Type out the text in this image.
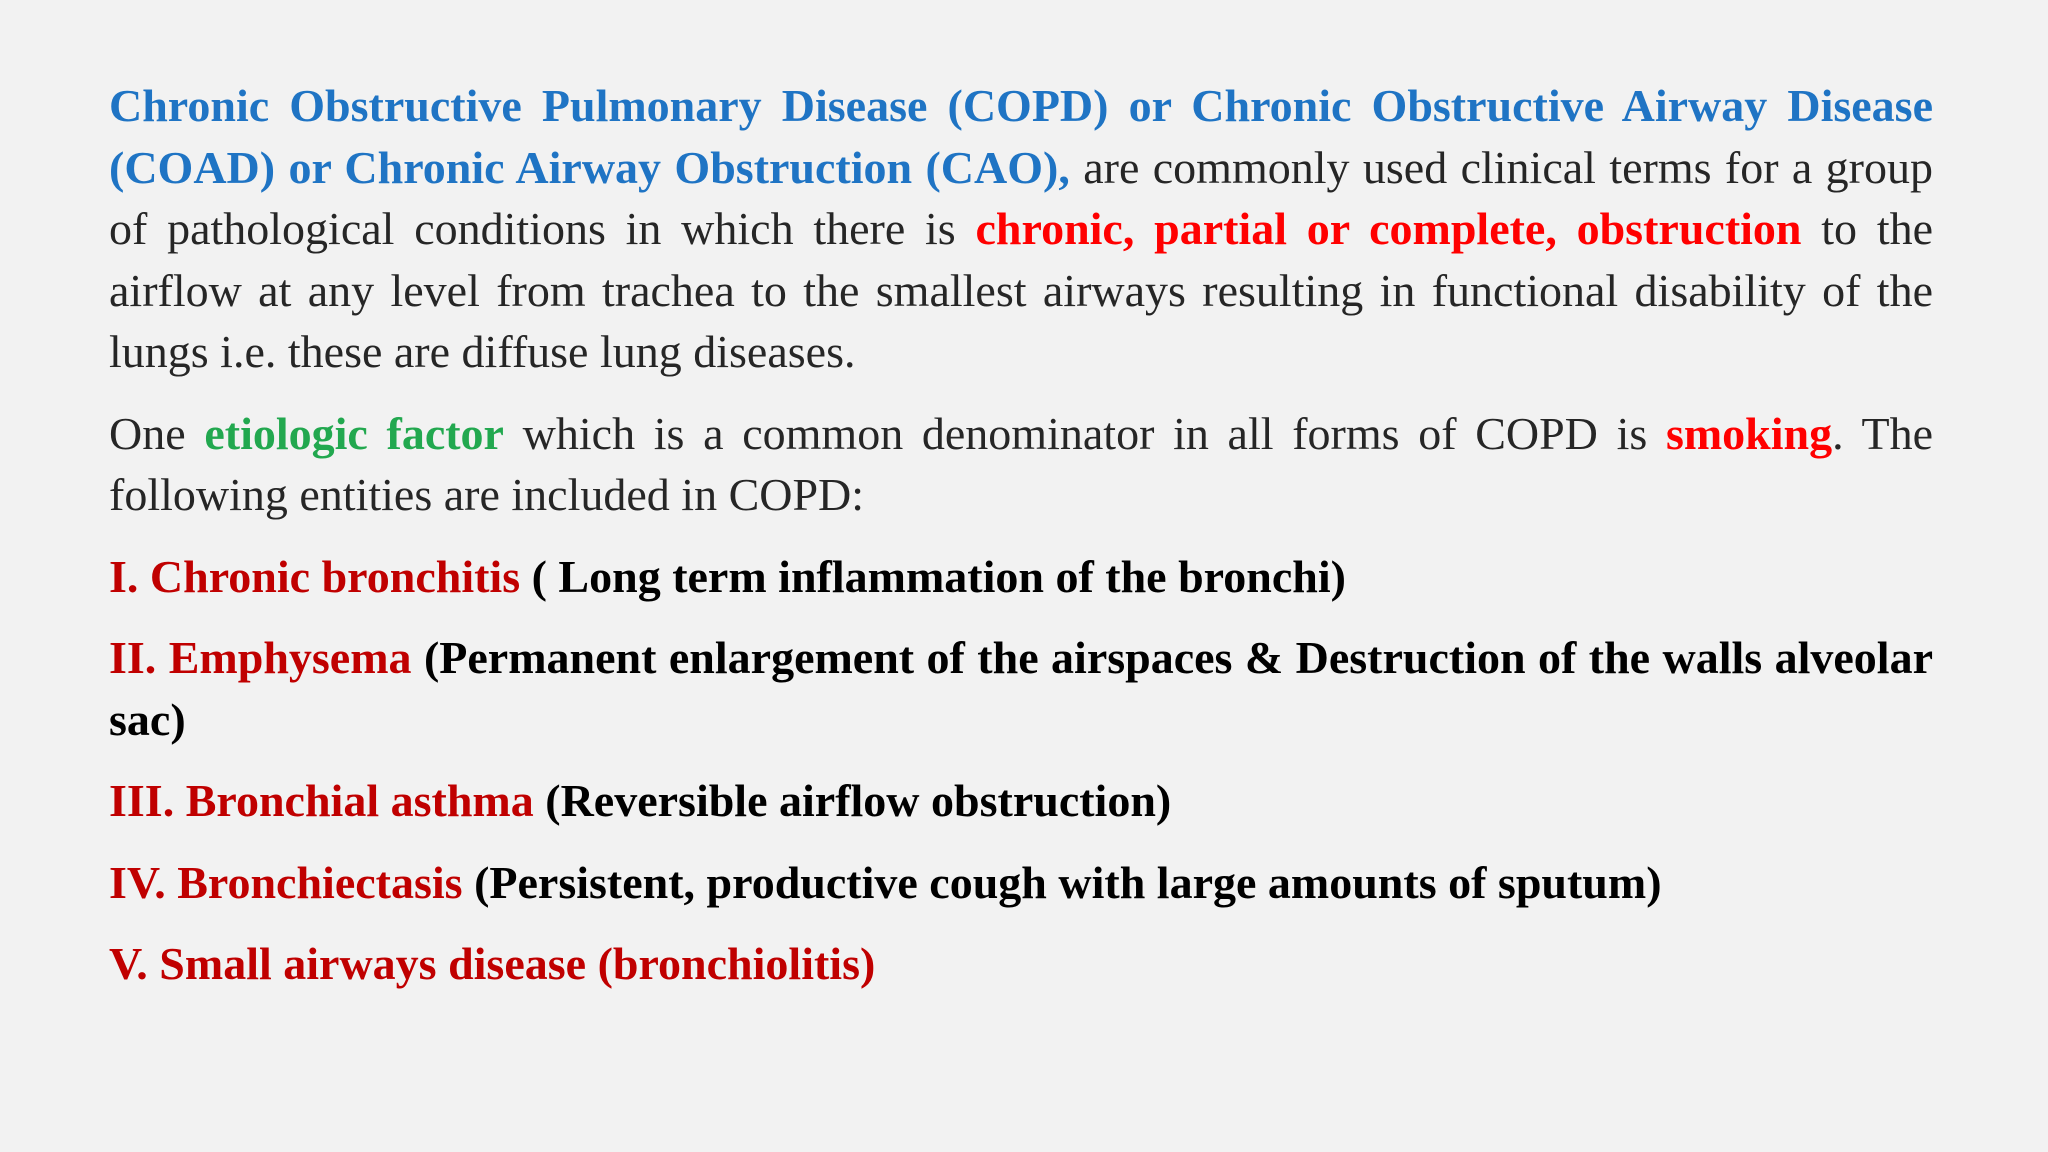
Chronic Obstructive Pulmonary Disease (COPD) or Chronic Obstructive Airway Disease (COAD) or Chronic Airway Obstruction (CAO), are commonly used clinical terms for a group of pathological conditions in which there is chronic, partial or complete, obstruction to the airflow at any level from trachea to the smallest airways resulting in functional disability of the lungs i.e. these are diffuse lung diseases.

One etiologic factor which is a common denominator in all forms of COPD is smoking. The following entities are included in COPD:

I. Chronic bronchitis ( Long term inflammation of the bronchi)

II. Emphysema (Permanent enlargement of the airspaces & Destruction of the walls alveolar sac)

III. Bronchial asthma (Reversible airflow obstruction)

IV. Bronchiectasis (Persistent, productive cough with large amounts of sputum)

V. Small airways disease (bronchiolitis)
